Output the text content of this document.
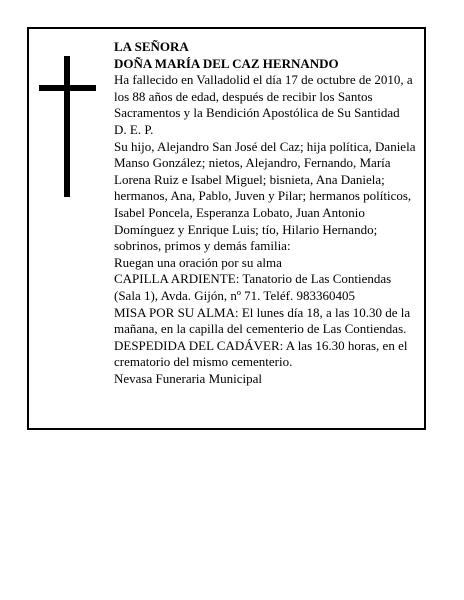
LA SEÑORA

DOÑA MARÍA DEL CAZ HERNANDO

Ha fallecido en Valladolid el día 17 de octubre de 2010, a los 88 años de edad, después de recibir los Santos Sacramentos y la Bendición Apostólica de Su Santidad

D. E. P.

Su hijo, Alejandro San José del Caz; hija política, Daniela Manso González; nietos, Alejandro, Fernando, María Lorena Ruiz e Isabel Miguel; bisnieta, Ana Daniela; hermanos, Ana, Pablo, Juven y Pilar; hermanos políticos, Isabel Poncela, Esperanza Lobato, Juan Antonio Domínguez y Enrique Luis; tío, Hilario Hernando; sobrinos, primos y demás familia:

Ruegan una oración por su alma

CAPILLA ARDIENTE: Tanatorio de Las Contiendas (Sala 1), Avda. Gijón, nº 71. Teléf. 983360405

MISA POR SU ALMA: El lunes día 18, a las 10.30 de la mañana, en la capilla del cementerio de Las Contiendas.

DESPEDIDA DEL CADÁVER: A las 16.30 horas, en el crematorio del mismo cementerio.

Nevasa Funeraria Municipal
